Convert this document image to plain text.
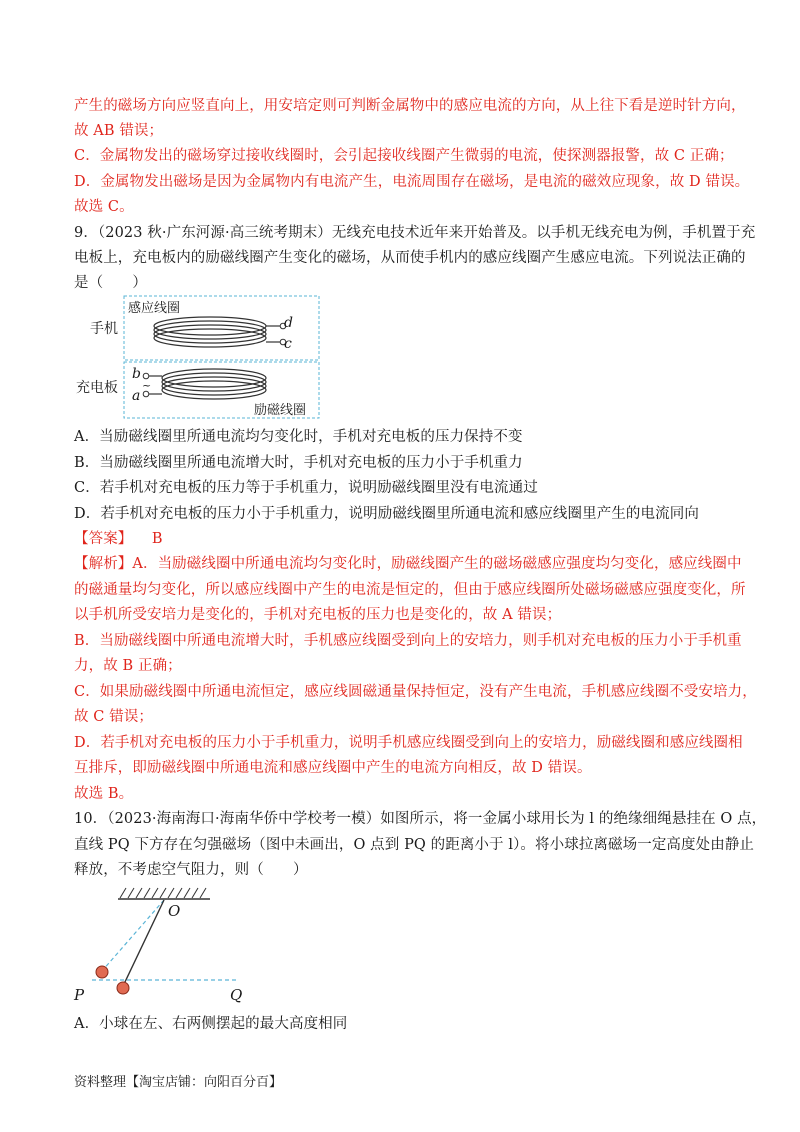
产生的磁场方向应竖直向上，用安培定则可判断金属物中的感应电流的方向，从上往下看是逆时针方向，
故 AB 错误；
C．金属物发出的磁场穿过接收线圈时，会引起接收线圈产生微弱的电流，使探测器报警，故 C 正确；
D．金属物发出磁场是因为金属物内有电流产生，电流周围存在磁场，是电流的磁效应现象，故 D 错误。
故选 C。
9．（2023 秋·广东河源·高三统考期末）无线充电技术近年来开始普及。以手机无线充电为例，手机置于充
电板上，充电板内的励磁线圈产生变化的磁场，从而使手机内的感应线圈产生感应电流。下列说法正确的
是（　　）
手机
充电板
感应线圈
励磁线圈
d
c
b
a
~
A．当励磁线圈里所通电流均匀变化时，手机对充电板的压力保持不变
B．当励磁线圈里所通电流增大时，手机对充电板的压力小于手机重力
C．若手机对充电板的压力等于手机重力，说明励磁线圈里没有电流通过
D．若手机对充电板的压力小于手机重力，说明励磁线圈里所通电流和感应线圈里产生的电流同向
【答案】 B
【解析】A．当励磁线圈中所通电流均匀变化时，励磁线圈产生的磁场磁感应强度均匀变化，感应线圈中
的磁通量均匀变化，所以感应线圈中产生的电流是恒定的，但由于感应线圈所处磁场磁感应强度变化，所
以手机所受安培力是变化的，手机对充电板的压力也是变化的，故 A 错误；
B．当励磁线圈中所通电流增大时，手机感应线圈受到向上的安培力，则手机对充电板的压力小于手机重
力，故 B 正确；
C．如果励磁线圈中所通电流恒定，感应线圆磁通量保持恒定，没有产生电流，手机感应线圈不受安培力，
故 C 错误；
D．若手机对充电板的压力小于手机重力，说明手机感应线圈受到向上的安培力，励磁线圈和感应线圈相
互排斥，即励磁线圈中所通电流和感应线圈中产生的电流方向相反，故 D 错误。
故选 B。
10．（2023·海南海口·海南华侨中学校考一模）如图所示，将一金属小球用长为 l 的绝缘细绳悬挂在 O 点，
直线 PQ 下方存在匀强磁场（图中未画出，O 点到 PQ 的距离小于 l）。将小球拉离磁场一定高度处由静止
释放，不考虑空气阻力，则（　　）
O
P	Q
A．小球在左、右两侧摆起的最大高度相同
资料整理【淘宝店铺：向阳百分百】
